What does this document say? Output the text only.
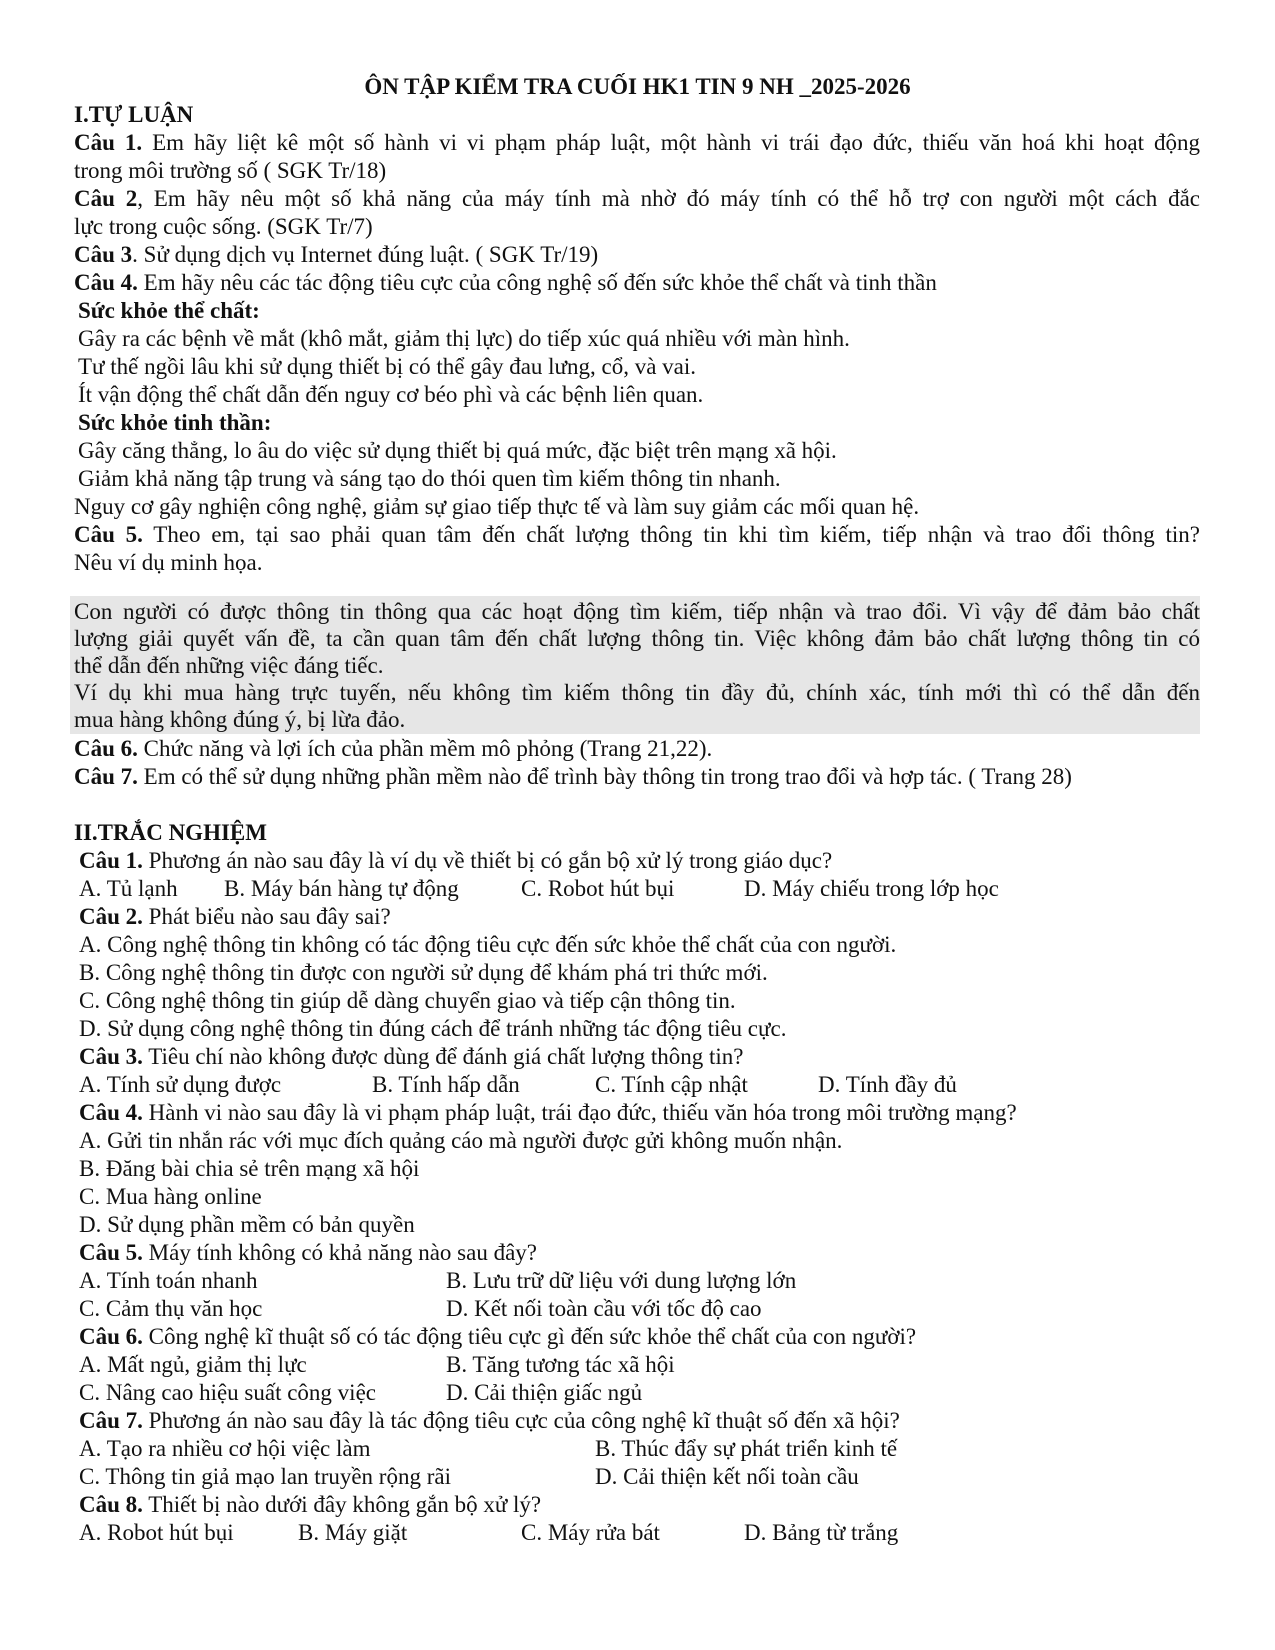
ÔN TẬP KIỂM TRA CUỐI HK1 TIN 9 NH _2025-2026
I.TỰ LUẬN
Câu 1. Em hãy liệt kê một số hành vi vi phạm pháp luật, một hành vi trái đạo đức, thiếu văn hoá khi hoạt động
trong môi trường số ( SGK Tr/18)
Câu 2, Em hãy nêu một số khả năng của máy tính mà nhờ đó máy tính có thể hỗ trợ con người một cách đắc
lực trong cuộc sống. (SGK Tr/7)
Câu 3. Sử dụng dịch vụ Internet đúng luật. ( SGK Tr/19)
Câu 4. Em hãy nêu các tác động tiêu cực của công nghệ số đến sức khỏe thể chất và tinh thần
Sức khỏe thể chất:
Gây ra các bệnh về mắt (khô mắt, giảm thị lực) do tiếp xúc quá nhiều với màn hình.
Tư thế ngồi lâu khi sử dụng thiết bị có thể gây đau lưng, cổ, và vai.
Ít vận động thể chất dẫn đến nguy cơ béo phì và các bệnh liên quan.
Sức khỏe tinh thần:
Gây căng thẳng, lo âu do việc sử dụng thiết bị quá mức, đặc biệt trên mạng xã hội.
Giảm khả năng tập trung và sáng tạo do thói quen tìm kiếm thông tin nhanh.
Nguy cơ gây nghiện công nghệ, giảm sự giao tiếp thực tế và làm suy giảm các mối quan hệ.
Câu 5. Theo em, tại sao phải quan tâm đến chất lượng thông tin khi tìm kiếm, tiếp nhận và trao đổi thông tin?
Nêu ví dụ minh họa.
Con người có được thông tin thông qua các hoạt động tìm kiếm, tiếp nhận và trao đổi. Vì vậy để đảm bảo chất
lượng giải quyết vấn đề, ta cần quan tâm đến chất lượng thông tin. Việc không đảm bảo chất lượng thông tin có
thể dẫn đến những việc đáng tiếc.
Ví dụ khi mua hàng trực tuyến, nếu không tìm kiếm thông tin đầy đủ, chính xác, tính mới thì có thể dẫn đến
mua hàng không đúng ý, bị lừa đảo.
Câu 6. Chức năng và lợi ích của phần mềm mô phỏng (Trang 21,22).
Câu 7. Em có thể sử dụng những phần mềm nào để trình bày thông tin trong trao đổi và hợp tác. ( Trang 28)
II.TRẮC NGHIỆM
Câu 1. Phương án nào sau đây là ví dụ về thiết bị có gắn bộ xử lý trong giáo dục?
A. Tủ lạnh B. Máy bán hàng tự động	C. Robot hút bụi	D. Máy chiếu trong lớp học
Câu 2. Phát biểu nào sau đây sai?
A. Công nghệ thông tin không có tác động tiêu cực đến sức khỏe thể chất của con người.
B. Công nghệ thông tin được con người sử dụng để khám phá tri thức mới.
C. Công nghệ thông tin giúp dễ dàng chuyển giao và tiếp cận thông tin.
D. Sử dụng công nghệ thông tin đúng cách để tránh những tác động tiêu cực.
Câu 3. Tiêu chí nào không được dùng để đánh giá chất lượng thông tin?
A. Tính sử dụng được	B. Tính hấp dẫn	C. Tính cập nhật	D. Tính đầy đủ
Câu 4. Hành vi nào sau đây là vi phạm pháp luật, trái đạo đức, thiếu văn hóa trong môi trường mạng?
A. Gửi tin nhắn rác với mục đích quảng cáo mà người được gửi không muốn nhận.
B. Đăng bài chia sẻ trên mạng xã hội
C. Mua hàng online
D. Sử dụng phần mềm có bản quyền
Câu 5. Máy tính không có khả năng nào sau đây?
A. Tính toán nhanh	B. Lưu trữ dữ liệu với dung lượng lớn
C. Cảm thụ văn học	D. Kết nối toàn cầu với tốc độ cao
Câu 6. Công nghệ kĩ thuật số có tác động tiêu cực gì đến sức khỏe thể chất của con người?
A. Mất ngủ, giảm thị lực	B. Tăng tương tác xã hội
C. Nâng cao hiệu suất công việc	D. Cải thiện giấc ngủ
Câu 7. Phương án nào sau đây là tác động tiêu cực của công nghệ kĩ thuật số đến xã hội?
A. Tạo ra nhiều cơ hội việc làm	B. Thúc đẩy sự phát triển kinh tế
C. Thông tin giả mạo lan truyền rộng rãi	D. Cải thiện kết nối toàn cầu
Câu 8. Thiết bị nào dưới đây không gắn bộ xử lý?
A. Robot hút bụi	B. Máy giặt	C. Máy rửa bát	D. Bảng từ trắng
